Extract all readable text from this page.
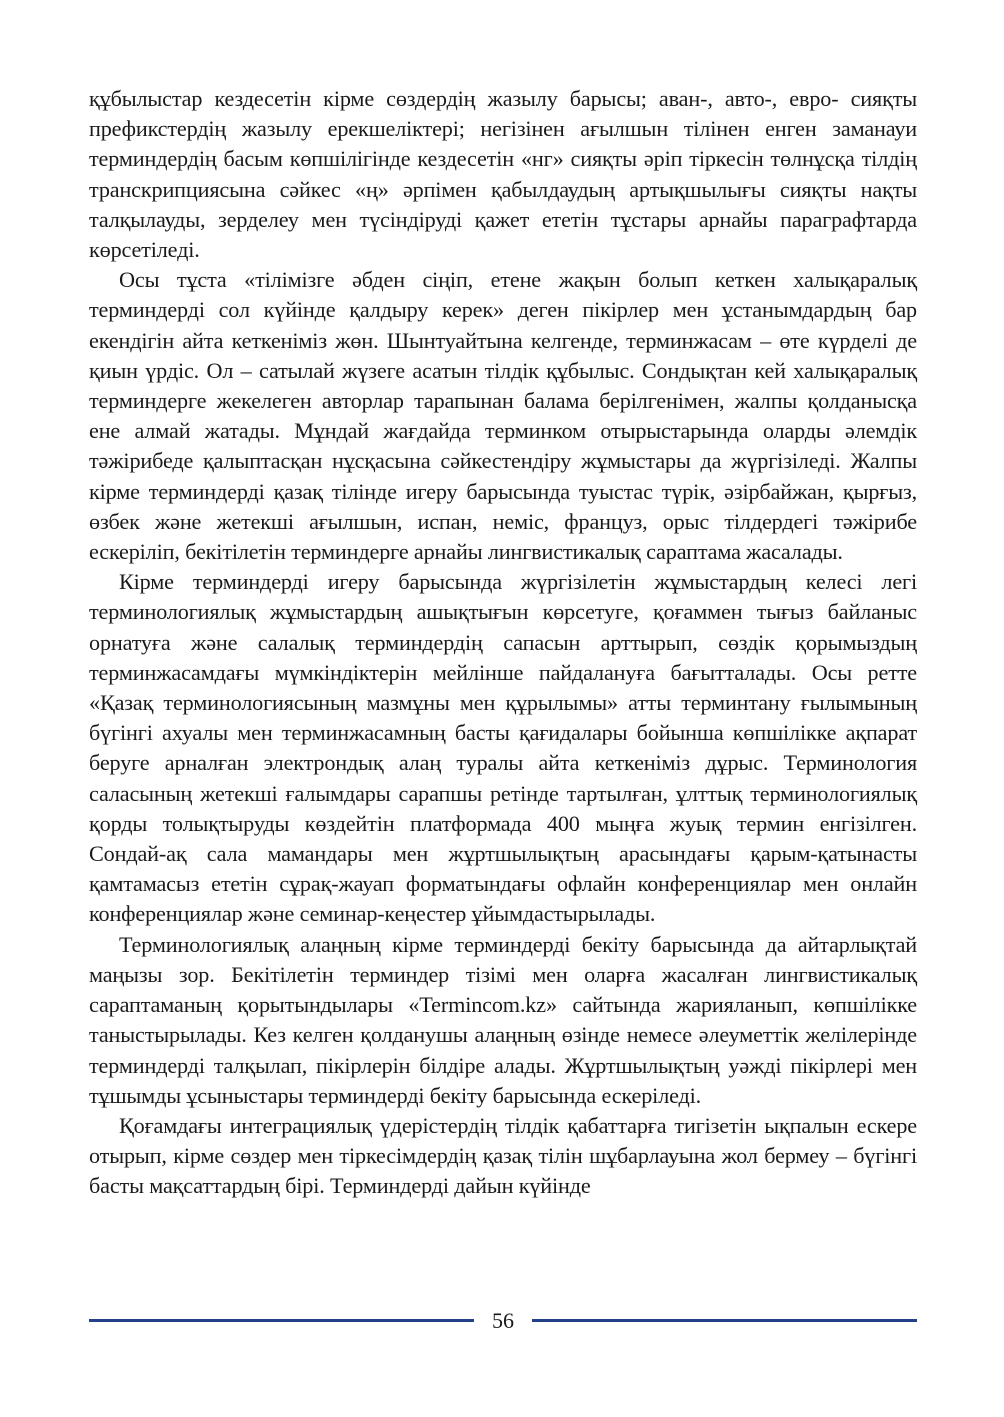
құбылыстар кездесетін кірме сөздердің жазылу барысы; аван-, авто-, евро- сияқты префикстердің жазылу ерекшеліктері; негізінен ағылшын тілінен енген заманауи терминдердің басым көпшілігінде кездесетін «нг» сияқты әріп тіркесін төлнұсқа тілдің транскрипциясына сәйкес «ң» әрпімен қабылдаудың артықшылығы сияқты нақты талқылауды, зерделеу мен түсіндіруді қажет ететін тұстары арнайы параграфтарда көрсетіледі.

Осы тұста «тілімізге әбден сіңіп, етене жақын болып кеткен халықаралық терминдерді сол күйінде қалдыру керек» деген пікірлер мен ұстанымдардың бар екендігін айта кеткеніміз жөн. Шынтуайтына келгенде, терминжасам – өте күрделі де қиын үрдіс. Ол – сатылай жүзеге асатын тілдік құбылыс. Сондықтан кей халықаралық терминдерге жекелеген авторлар тарапынан балама берілгенімен, жалпы қолданысқа ене алмай жатады. Мұндай жағдайда терминком отырыстарында оларды әлемдік тәжірибеде қалыптасқан нұсқасына сәйкестендіру жұмыстары да жүргізіледі. Жалпы кірме терминдерді қазақ тілінде игеру барысында туыстас түрік, әзірбайжан, қырғыз, өзбек және жетекші ағылшын, испан, неміс, француз, орыс тілдердегі тәжірибе ескеріліп, бекітілетін терминдерге арнайы лингвистикалық сараптама жасалады.

Кірме терминдерді игеру барысында жүргізілетін жұмыстардың келесі легі терминологиялық жұмыстардың ашықтығын көрсетуге, қоғаммен тығыз байланыс орнатуға және салалық терминдердің сапасын арттырып, сөздік қорымыздың терминжасамдағы мүмкіндіктерін мейлінше пайдалануға бағытталады. Осы ретте «Қазақ терминологиясының мазмұны мен құрылымы» атты терминтану ғылымының бүгінгі ахуалы мен терминжасамның басты қағидалары бойынша көпшілікке ақпарат беруге арналған электрондық алаң туралы айта кеткеніміз дұрыс. Терминология саласының жетекші ғалымдары сарапшы ретінде тартылған, ұлттық терминологиялық қорды толықтыруды көздейтін платформада 400 мыңға жуық термин енгізілген. Сондай-ақ сала мамандары мен жұртшылықтың арасындағы қарым-қатынасты қамтамасыз ететін сұрақ-жауап форматындағы офлайн конференциялар мен онлайн конференциялар және семинар-кеңестер ұйымдастырылады.

Терминологиялық алаңның кірме терминдерді бекіту барысында да айтарлықтай маңызы зор. Бекітілетін терминдер тізімі мен оларға жасалған лингвистикалық сараптаманың қорытындылары «Termincom.kz» сайтында жарияланып, көпшілікке таныстырылады. Кез келген қолданушы алаңның өзінде немесе әлеуметтік желілерінде терминдерді талқылап, пікірлерін білдіре алады. Жұртшылықтың уәжді пікірлері мен тұшымды ұсыныстары терминдерді бекіту барысында ескеріледі.

Қоғамдағы интеграциялық үдерістердің тілдік қабаттарға тигізетін ықпалын ескере отырып, кірме сөздер мен тіркесімдердің қазақ тілін шұбарлауына жол бермеу – бүгінгі басты мақсаттардың бірі. Терминдерді дайын күйінде

56
